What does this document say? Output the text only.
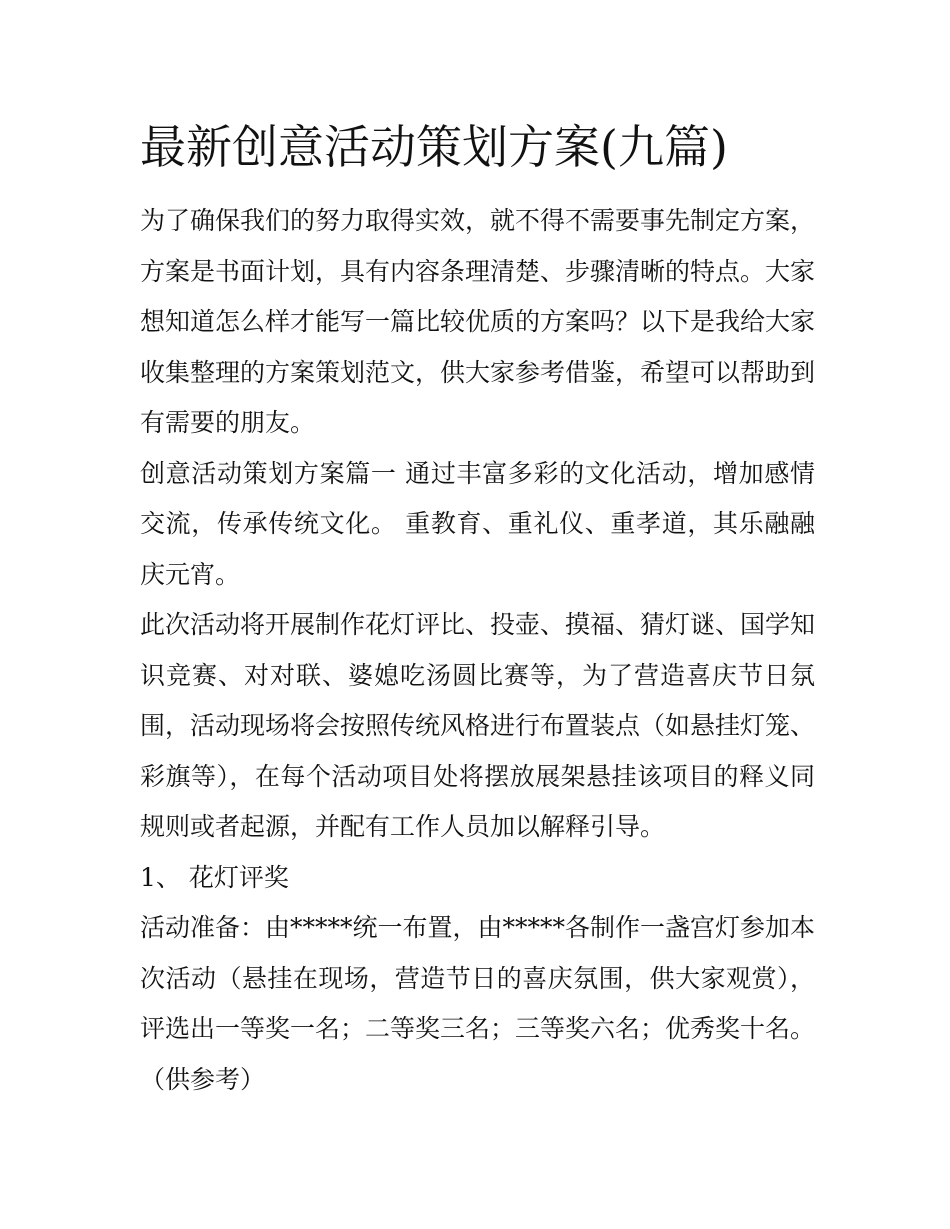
最新创意活动策划方案(九篇)

为了确保我们的努力取得实效，就不得不需要事先制定方案，方案是书面计划，具有内容条理清楚、步骤清晰的特点。大家想知道怎么样才能写一篇比较优质的方案吗？以下是我给大家收集整理的方案策划范文，供大家参考借鉴，希望可以帮助到有需要的朋友。

创意活动策划方案篇一 通过丰富多彩的文化活动，增加感情交流，传承传统文化。 重教育、重礼仪、重孝道，其乐融融庆元宵。

此次活动将开展制作花灯评比、投壶、摸福、猜灯谜、国学知识竞赛、对对联、婆媳吃汤圆比赛等，为了营造喜庆节日氛围，活动现场将会按照传统风格进行布置装点（如悬挂灯笼、彩旗等），在每个活动项目处将摆放展架悬挂该项目的释义同规则或者起源，并配有工作人员加以解释引导。

1、 花灯评奖

活动准备：由*****统一布置，由*****各制作一盏宫灯参加本次活动（悬挂在现场，营造节日的喜庆氛围，供大家观赏），评选出一等奖一名；二等奖三名；三等奖六名；优秀奖十名。（供参考）
